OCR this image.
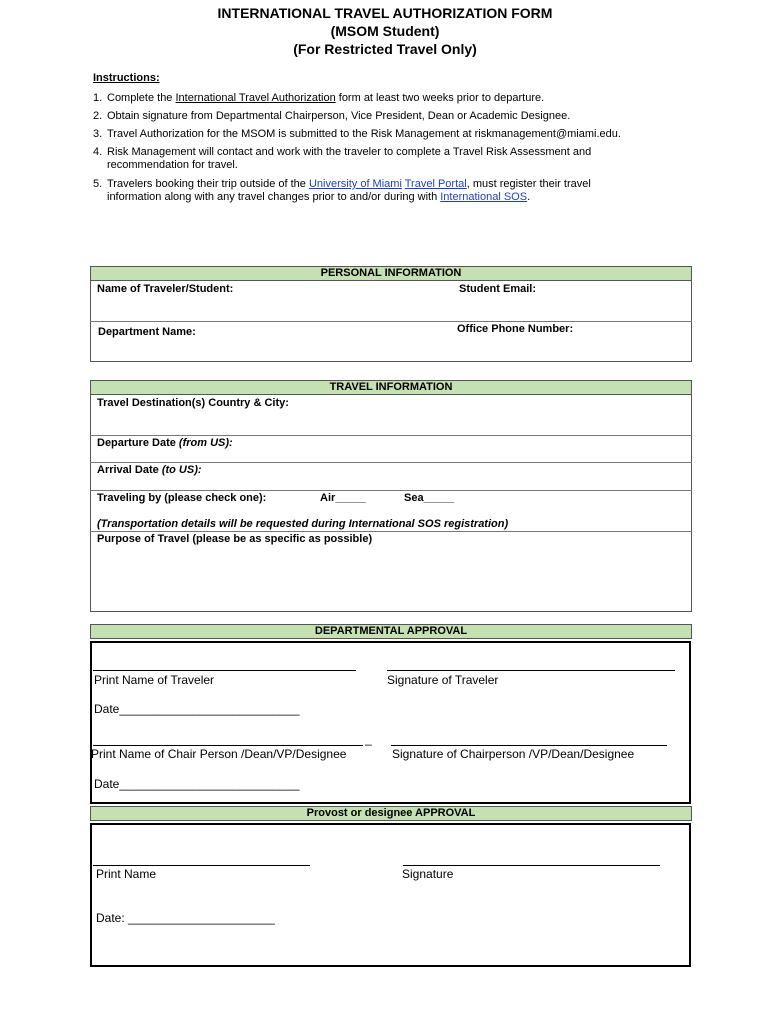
INTERNATIONAL TRAVEL AUTHORIZATION FORM
(MSOM Student)
(For Restricted Travel Only)
Instructions:
1. Complete the International Travel Authorization form at least two weeks prior to departure.
2. Obtain signature from Departmental Chairperson, Vice President, Dean or Academic Designee.
3. Travel Authorization for the MSOM is submitted to the Risk Management at riskmanagement@miami.edu.
4. Risk Management will contact and work with the traveler to complete a Travel Risk Assessment and
recommendation for travel.
5. Travelers booking their trip outside of the University of Miami Travel Portal, must register their travel
information along with any travel changes prior to and/or during with International SOS.
PERSONAL INFORMATION
Name of Traveler/Student:	Student Email:
Department Name:	Office Phone Number:
TRAVEL INFORMATION
Travel Destination(s) Country & City:
Departure Date (from US):
Arrival Date (to US):
Traveling by (please check one):	Air_____	Sea_____
(Transportation details will be requested during International SOS registration)
Purpose of Travel (please be as specific as possible)
DEPARTMENTAL APPROVAL
Print Name of Traveler	Signature of Traveler
Date___________________________
_
Print Name of Chair Person /Dean/VP/Designee	Signature of Chairperson /VP/Dean/Designee
Date___________________________
Provost or designee APPROVAL
Print Name	Signature
Date: ______________________
